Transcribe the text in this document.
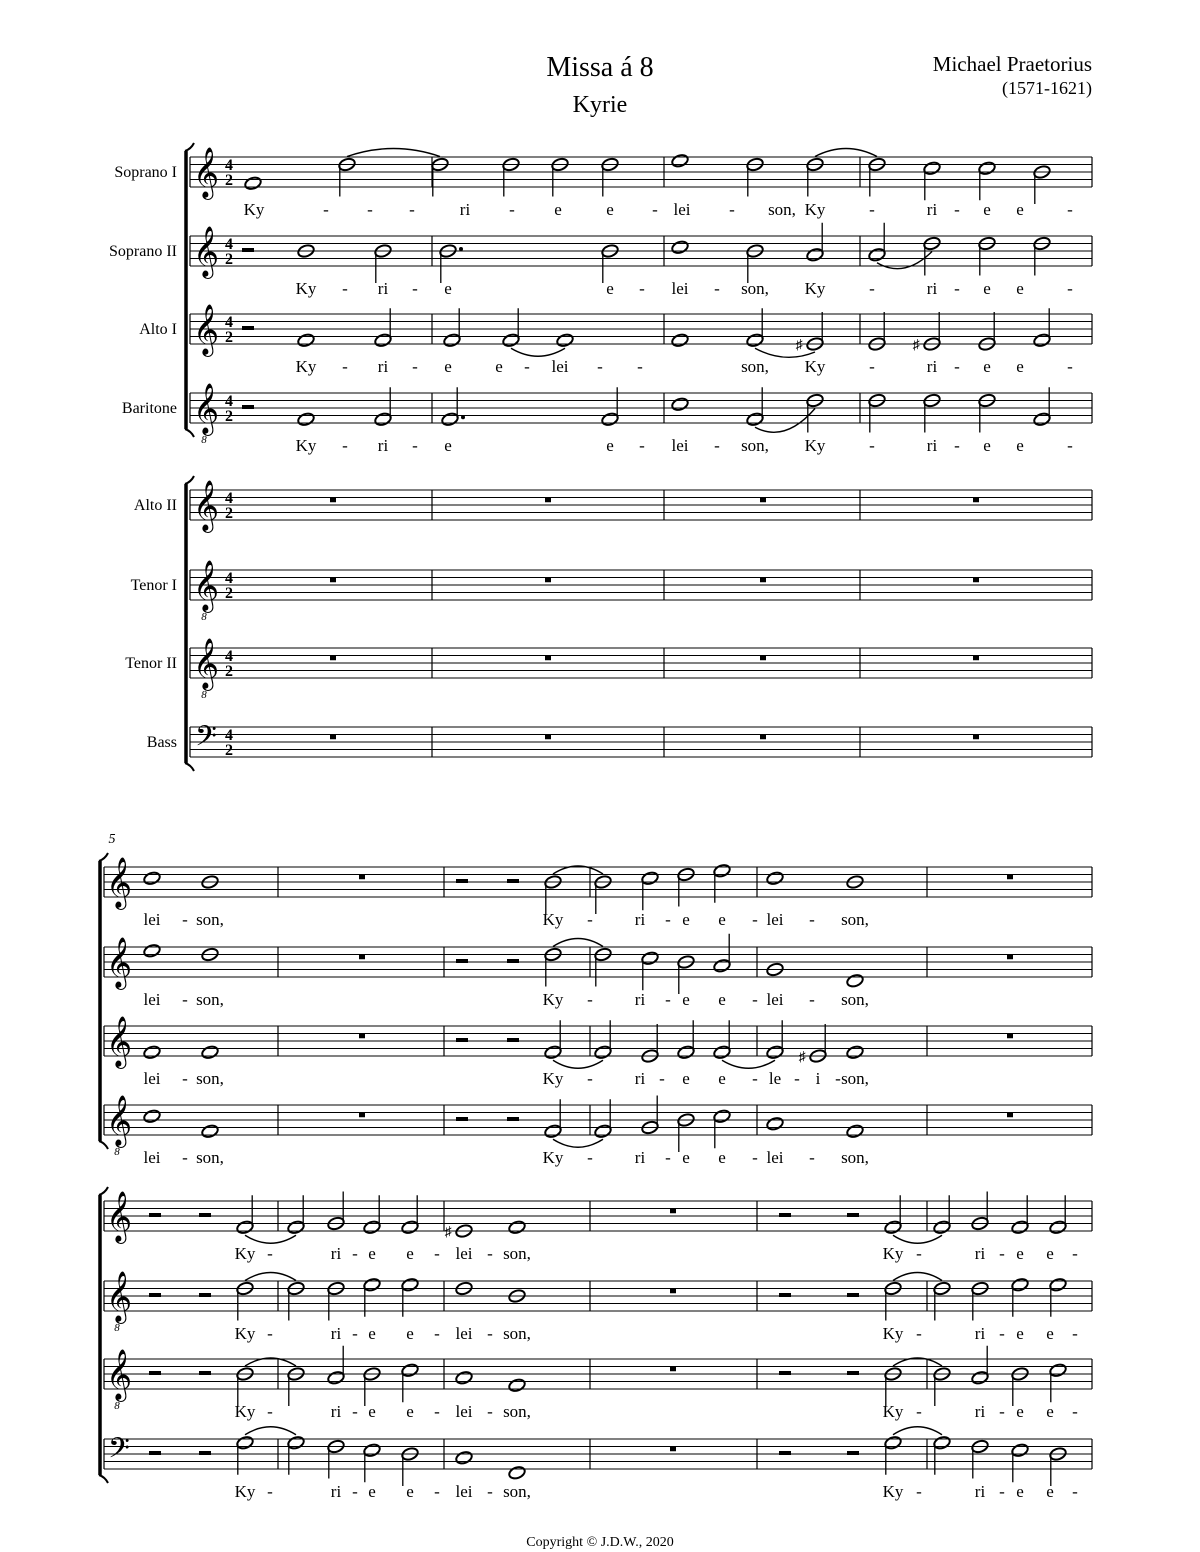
Missa á 8
Kyrie
Michael Praetorius
(1571-1621)
Soprano I
Soprano II
Alto I
Baritone
Alto II
Tenor I
Tenor II
Bass
𝄞 4
2
𝄞 4
2
𝄞 4
2
𝄞
8
4
2
𝄞 4
2
𝄞
8
4
2
𝄞
8
4
2
𝄢 4
2
♯	♯
Ky	- - -	ri - e	e - lei - son, Ky	-	ri - e e	-
Ky - ri - e	e - lei - son, Ky	-	ri - e e	-
Ky - ri - e	e - lei - -	son, Ky	-	ri - e e	-
Ky - ri - e	e - lei - son, Ky	-	ri - e e	-
5
𝄞
𝄞
𝄞
𝄞
8
𝄞
𝄞
8
𝄞
8
𝄢
♯
♯
lei - son,	Ky - ri - e e - lei - son,
lei - son,	Ky - ri - e e - lei - son,
lei - son,	Ky - ri - e e - le - i - son,
lei - son,	Ky - ri - e e - lei - son,
Ky -	ri - e e - lei - son,	Ky -	ri - e e -
Ky -	ri - e e - lei - son,	Ky -	ri - e e -
Ky -	ri - e e - lei - son,	Ky -	ri - e e -
Ky -	ri - e e - lei - son,	Ky -	ri - e e -
Copyright © J.D.W., 2020
